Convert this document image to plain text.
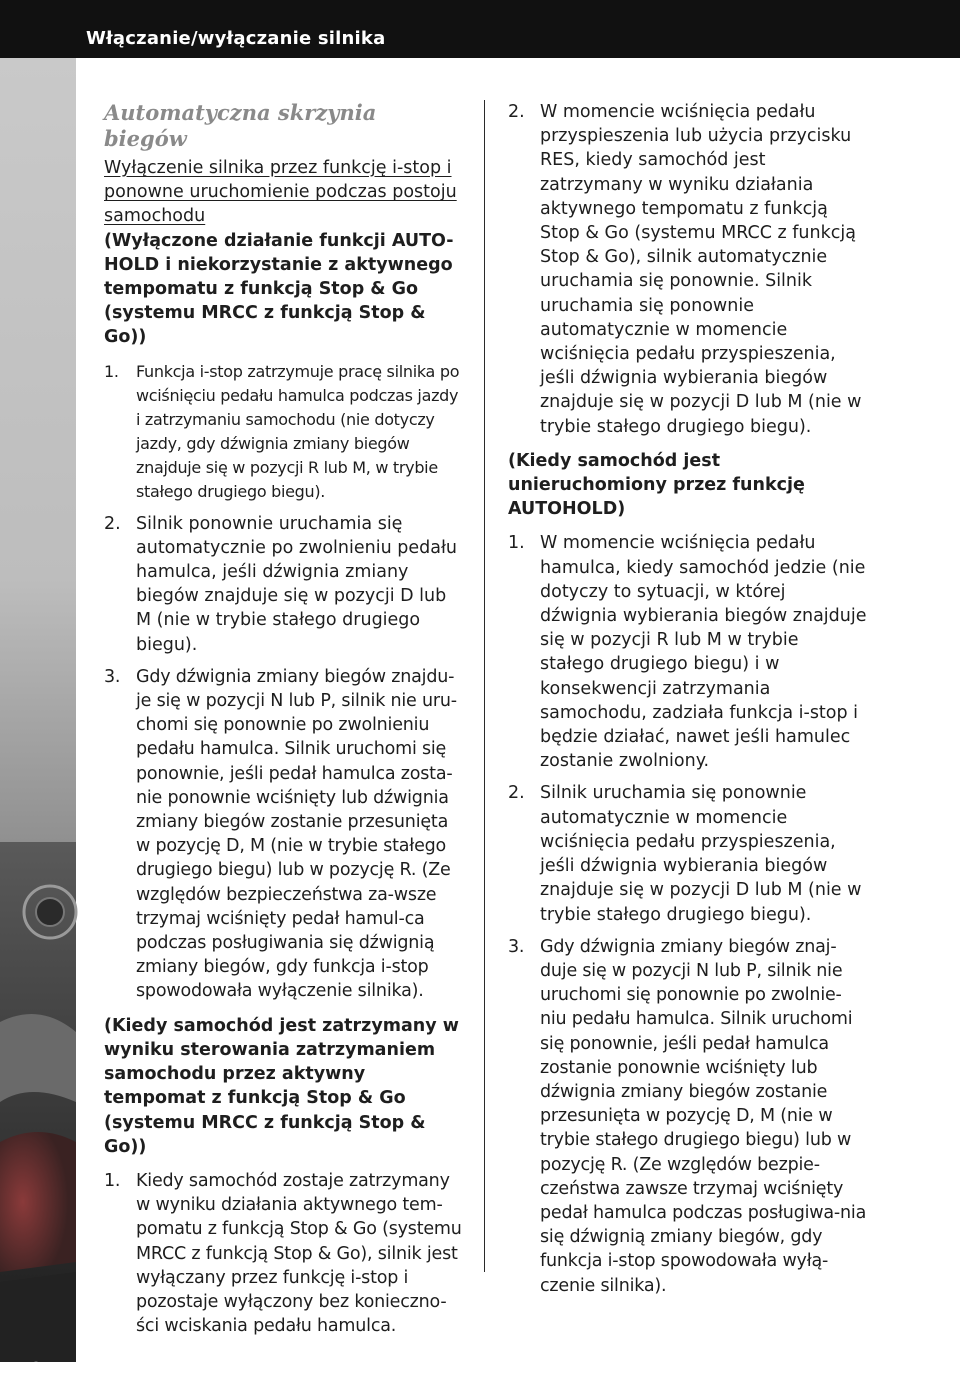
Włączanie/wyłączanie silnika
4-6
Automatyczna skrzynia biegów
Wyłączenie silnika przez funkcję i-stop i ponowne uruchomienie podczas postoju samochodu
(Wyłączone działanie funkcji AUTO-HOLD i niekorzystanie z aktywnego tempomatu z funkcją Stop & Go (systemu MRCC z funkcją Stop & Go))
1. Funkcja i-stop zatrzymuje pracę silnika po wciśnięciu pedału hamulca podczas jazdy i zatrzymaniu samochodu (nie dotyczy jazdy, gdy dźwignia zmiany biegów znajduje się w pozycji R lub M, w trybie stałego drugiego biegu).
2. Silnik ponownie uruchamia się automatycznie po zwolnieniu pedału hamulca, jeśli dźwignia zmiany biegów znajduje się w pozycji D lub M (nie w trybie stałego drugiego biegu).
3. Gdy dźwignia zmiany biegów znajdu-je się w pozycji N lub P, silnik nie uru-chomi się ponownie po zwolnieniu pedału hamulca. Silnik uruchomi się ponownie, jeśli pedał hamulca zosta-nie ponownie wciśnięty lub dźwignia zmiany biegów zostanie przesunięta w pozycję D, M (nie w trybie stałego drugiego biegu) lub w pozycję R. (Ze względów bezpieczeństwa za-wsze trzymaj wciśnięty pedał hamul-ca podczas posługiwania się dźwignią zmiany biegów, gdy funkcja i-stop spowodowała wyłączenie silnika).
(Kiedy samochód jest zatrzymany w wyniku sterowania zatrzymaniem samochodu przez aktywny tempomat z funkcją Stop & Go (systemu MRCC z funkcją Stop & Go))
1. Kiedy samochód zostaje zatrzymany w wyniku działania aktywnego tem-pomatu z funkcją Stop & Go (systemu MRCC z funkcją Stop & Go), silnik jest wyłączany przez funkcję i-stop i pozostaje wyłączony bez konieczno-ści wciskania pedału hamulca.
2. W momencie wciśnięcia pedału przyspieszenia lub użycia przycisku RES, kiedy samochód jest zatrzymany w wyniku działania aktywnego tempomatu z funkcją Stop & Go (systemu MRCC z funkcją Stop & Go), silnik automatycznie uruchamia się ponownie. Silnik uruchamia się ponownie automatycznie w momencie wciśnięcia pedału przyspieszenia, jeśli dźwignia wybierania biegów znajduje się w pozycji D lub M (nie w trybie stałego drugiego biegu).
(Kiedy samochód jest unieruchomiony przez funkcję AUTOHOLD)
1. W momencie wciśnięcia pedału hamulca, kiedy samochód jedzie (nie dotyczy to sytuacji, w której dźwignia wybierania biegów znajduje się w pozycji R lub M w trybie stałego drugiego biegu) i w konsekwencji zatrzymania samochodu, zadziała funkcja i-stop i będzie działać, nawet jeśli hamulec zostanie zwolniony.
2. Silnik uruchamia się ponownie automatycznie w momencie wciśnięcia pedału przyspieszenia, jeśli dźwignia wybierania biegów znajduje się w pozycji D lub M (nie w trybie stałego drugiego biegu).
3. Gdy dźwignia zmiany biegów znaj-duje się w pozycji N lub P, silnik nie uruchomi się ponownie po zwolnie-niu pedału hamulca. Silnik uruchomi się ponownie, jeśli pedał hamulca zostanie ponownie wciśnięty lub dźwignia zmiany biegów zostanie przesunięta w pozycję D, M (nie w trybie stałego drugiego biegu) lub w pozycję R. (Ze względów bezpie-czeństwa zawsze trzymaj wciśnięty pedał hamulca podczas posługiwa-nia się dźwignią zmiany biegów, gdy funkcja i-stop spowodowała wyłą-czenie silnika).
